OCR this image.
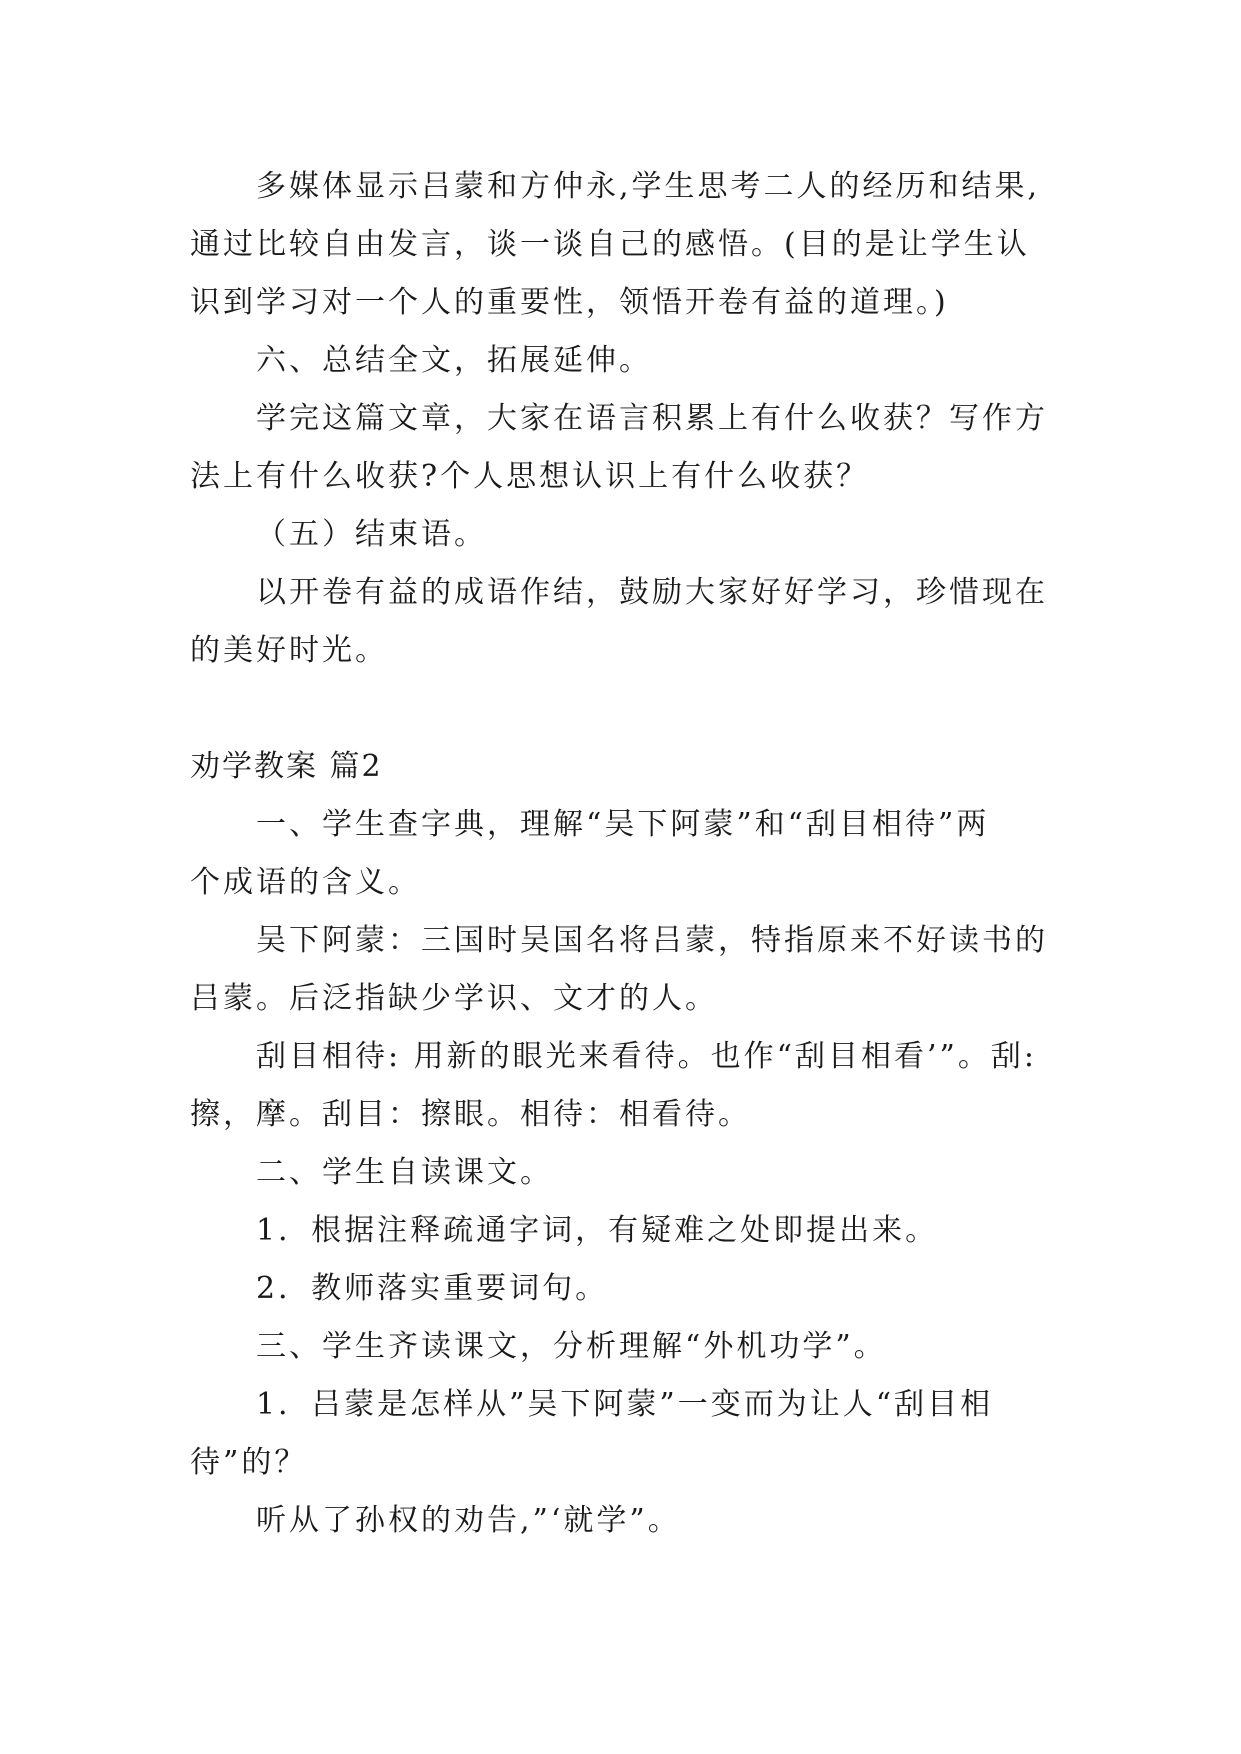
多媒体显示吕蒙和方仲永,学生思考二人的经历和结果,
通过比较自由发言，谈一谈自己的感悟。(目的是让学生认
识到学习对一个人的重要性，领悟开卷有益的道理。)
六、总结全文，拓展延伸。
学完这篇文章，大家在语言积累上有什么收获？写作方
法上有什么收获?个人思想认识上有什么收获？
（五）结束语。
以开卷有益的成语作结，鼓励大家好好学习，珍惜现在
的美好时光。
劝学教案 篇2
一、学生查字典，理解“吴下阿蒙”和“刮目相待”两
个成语的含义。
吴下阿蒙：三国时吴国名将吕蒙，特指原来不好读书的
吕蒙。后泛指缺少学识、文才的人。
刮目相待: 用新的眼光来看待。也作“刮目相看’”。刮:
擦，摩。刮目：擦眼。相待：相看待。
二、学生自读课文。
1．根据注释疏通字词，有疑难之处即提出来。
2．教师落实重要词句。
三、学生齐读课文，分析理解“外机功学”。
1．吕蒙是怎样从”吴下阿蒙”一变而为让人“刮目相
待”的？
听从了孙权的劝告,”‘就学”。
